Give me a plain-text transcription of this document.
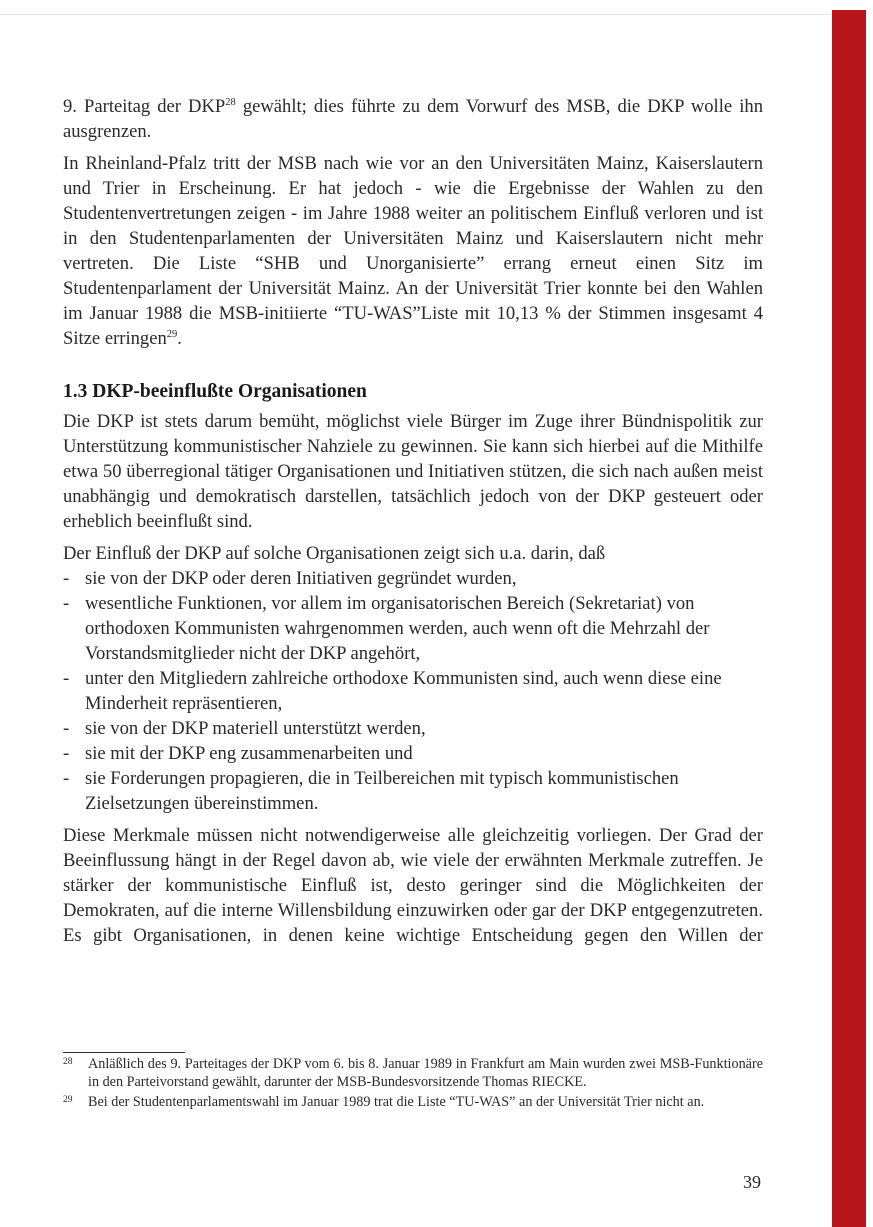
9. Parteitag der DKP$^{28}$ gewählt; dies führte zu dem Vorwurf des MSB, die DKP wolle ihn ausgrenzen.

In Rheinland-Pfalz tritt der MSB nach wie vor an den Universitäten Mainz, Kaiserslautern und Trier in Erscheinung. Er hat jedoch - wie die Ergebnisse der Wahlen zu den Studentenvertretungen zeigen - im Jahre 1988 weiter an politischem Einfluß verloren und ist in den Studentenparlamenten der Universitäten Mainz und Kaiserslautern nicht mehr vertreten. Die Liste “SHB und Unorganisierte” errang erneut einen Sitz im Studentenparlament der Universität Mainz. An der Universität Trier konnte bei den Wahlen im Januar 1988 die MSB-initiierte “TU-WAS”Liste mit 10,13 % der Stimmen insgesamt 4 Sitze erringen$^{29}$.

1.3 DKP-beeinflußte Organisationen

Die DKP ist stets darum bemüht, möglichst viele Bürger im Zuge ihrer Bündnispolitik zur Unterstützung kommunistischer Nahziele zu gewinnen. Sie kann sich hierbei auf die Mithilfe etwa 50 überregional tätiger Organisationen und Initiativen stützen, die sich nach außen meist unabhängig und demokratisch darstellen, tatsächlich jedoch von der DKP gesteuert oder erheblich beeinflußt sind.

Der Einfluß der DKP auf solche Organisationen zeigt sich u.a. darin, daß

- sie von der DKP oder deren Initiativen gegründet wurden,
- wesentliche Funktionen, vor allem im organisatorischen Bereich (Sekretariat) von orthodoxen Kommunisten wahrgenommen werden, auch wenn oft die Mehrzahl der Vorstandsmitglieder nicht der DKP angehört,
- unter den Mitgliedern zahlreiche orthodoxe Kommunisten sind, auch wenn diese eine Minderheit repräsentieren,
- sie von der DKP materiell unterstützt werden,
- sie mit der DKP eng zusammenarbeiten und
- sie Forderungen propagieren, die in Teilbereichen mit typisch kommunistischen Zielsetzungen übereinstimmen.

Diese Merkmale müssen nicht notwendigerweise alle gleichzeitig vorliegen. Der Grad der Beeinflussung hängt in der Regel davon ab, wie viele der erwähnten Merkmale zutreffen. Je stärker der kommunistische Einfluß ist, desto geringer sind die Möglichkeiten der Demokraten, auf die interne Willensbildung einzuwirken oder gar der DKP entgegenzutreten. Es gibt Organisationen, in denen keine wichtige Entscheidung gegen den Willen der

28 Anläßlich des 9. Parteitages der DKP vom 6. bis 8. Januar 1989 in Frankfurt am Main wurden zwei MSB-Funktionäre in den Parteivorstand gewählt, darunter der MSB-Bundesvorsitzende Thomas RIECKE.
29 Bei der Studentenparlamentswahl im Januar 1989 trat die Liste “TU-WAS” an der Universität Trier nicht an.
39
